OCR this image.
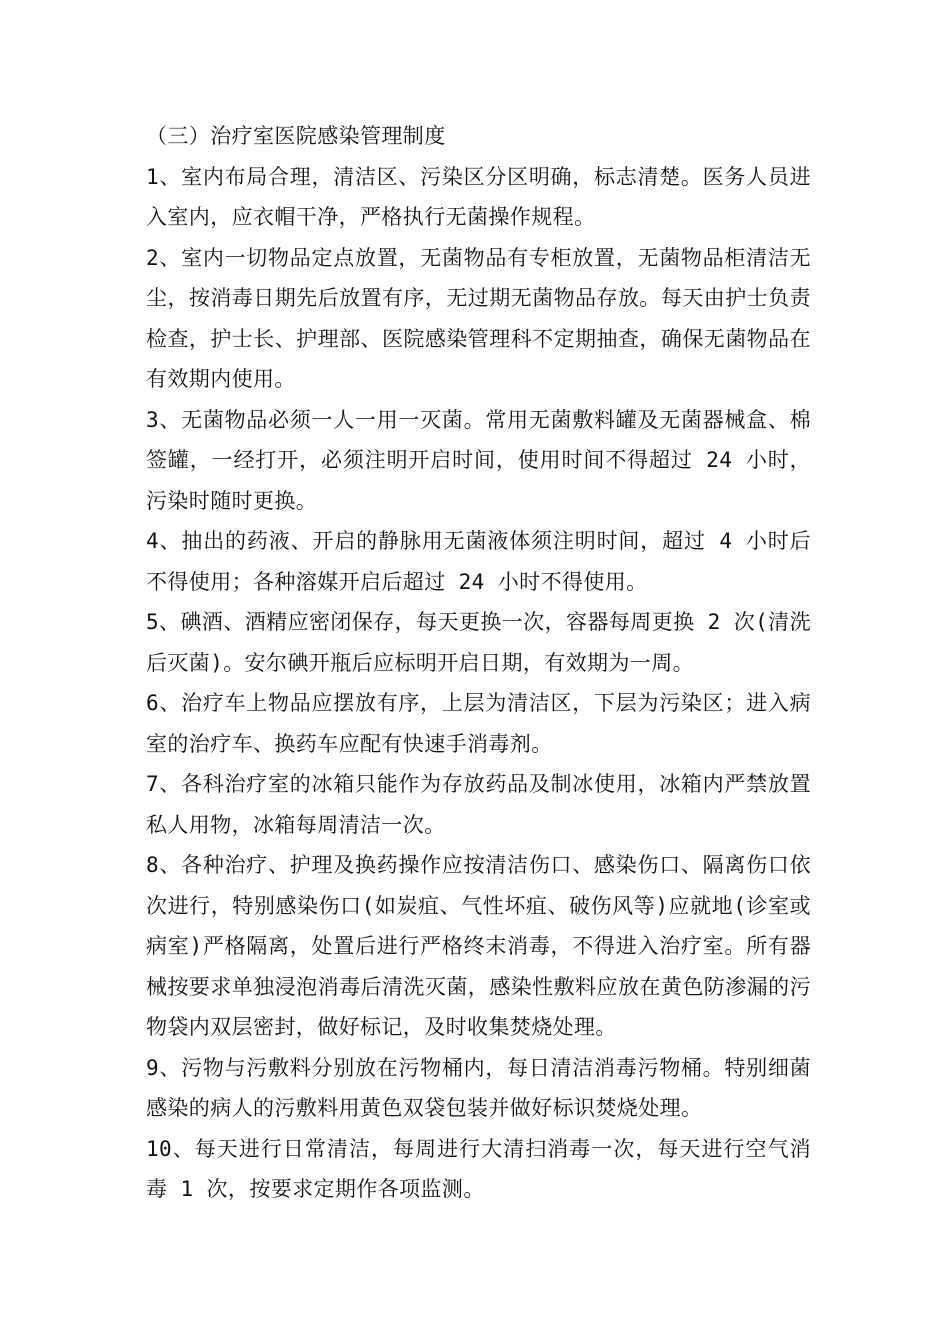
（三）治疗室医院感染管理制度

1、室内布局合理，清洁区、污染区分区明确，标志清楚。医务人员进入室内，应衣帽干净，严格执行无菌操作规程。

2、室内一切物品定点放置，无菌物品有专柜放置，无菌物品柜清洁无尘，按消毒日期先后放置有序，无过期无菌物品存放。每天由护士负责检查，护士长、护理部、医院感染管理科不定期抽查，确保无菌物品在有效期内使用。

3、无菌物品必须一人一用一灭菌。常用无菌敷料罐及无菌器械盒、棉签罐，一经打开，必须注明开启时间，使用时间不得超过 24 小时，污染时随时更换。

4、抽出的药液、开启的静脉用无菌液体须注明时间，超过 4 小时后不得使用；各种溶媒开启后超过 24 小时不得使用。

5、碘酒、酒精应密闭保存，每天更换一次，容器每周更换 2 次(清洗后灭菌)。安尔碘开瓶后应标明开启日期，有效期为一周。

6、治疗车上物品应摆放有序，上层为清洁区，下层为污染区；进入病室的治疗车、换药车应配有快速手消毒剂。

7、各科治疗室的冰箱只能作为存放药品及制冰使用，冰箱内严禁放置私人用物，冰箱每周清洁一次。

8、各种治疗、护理及换药操作应按清洁伤口、感染伤口、隔离伤口依次进行，特别感染伤口(如炭疽、气性坏疽、破伤风等)应就地(诊室或病室)严格隔离，处置后进行严格终末消毒，不得进入治疗室。所有器械按要求单独浸泡消毒后清洗灭菌，感染性敷料应放在黄色防渗漏的污物袋内双层密封，做好标记，及时收集焚烧处理。

9、污物与污敷料分别放在污物桶内，每日清洁消毒污物桶。特别细菌感染的病人的污敷料用黄色双袋包装并做好标识焚烧处理。

10、每天进行日常清洁，每周进行大清扫消毒一次，每天进行空气消毒 1 次，按要求定期作各项监测。
